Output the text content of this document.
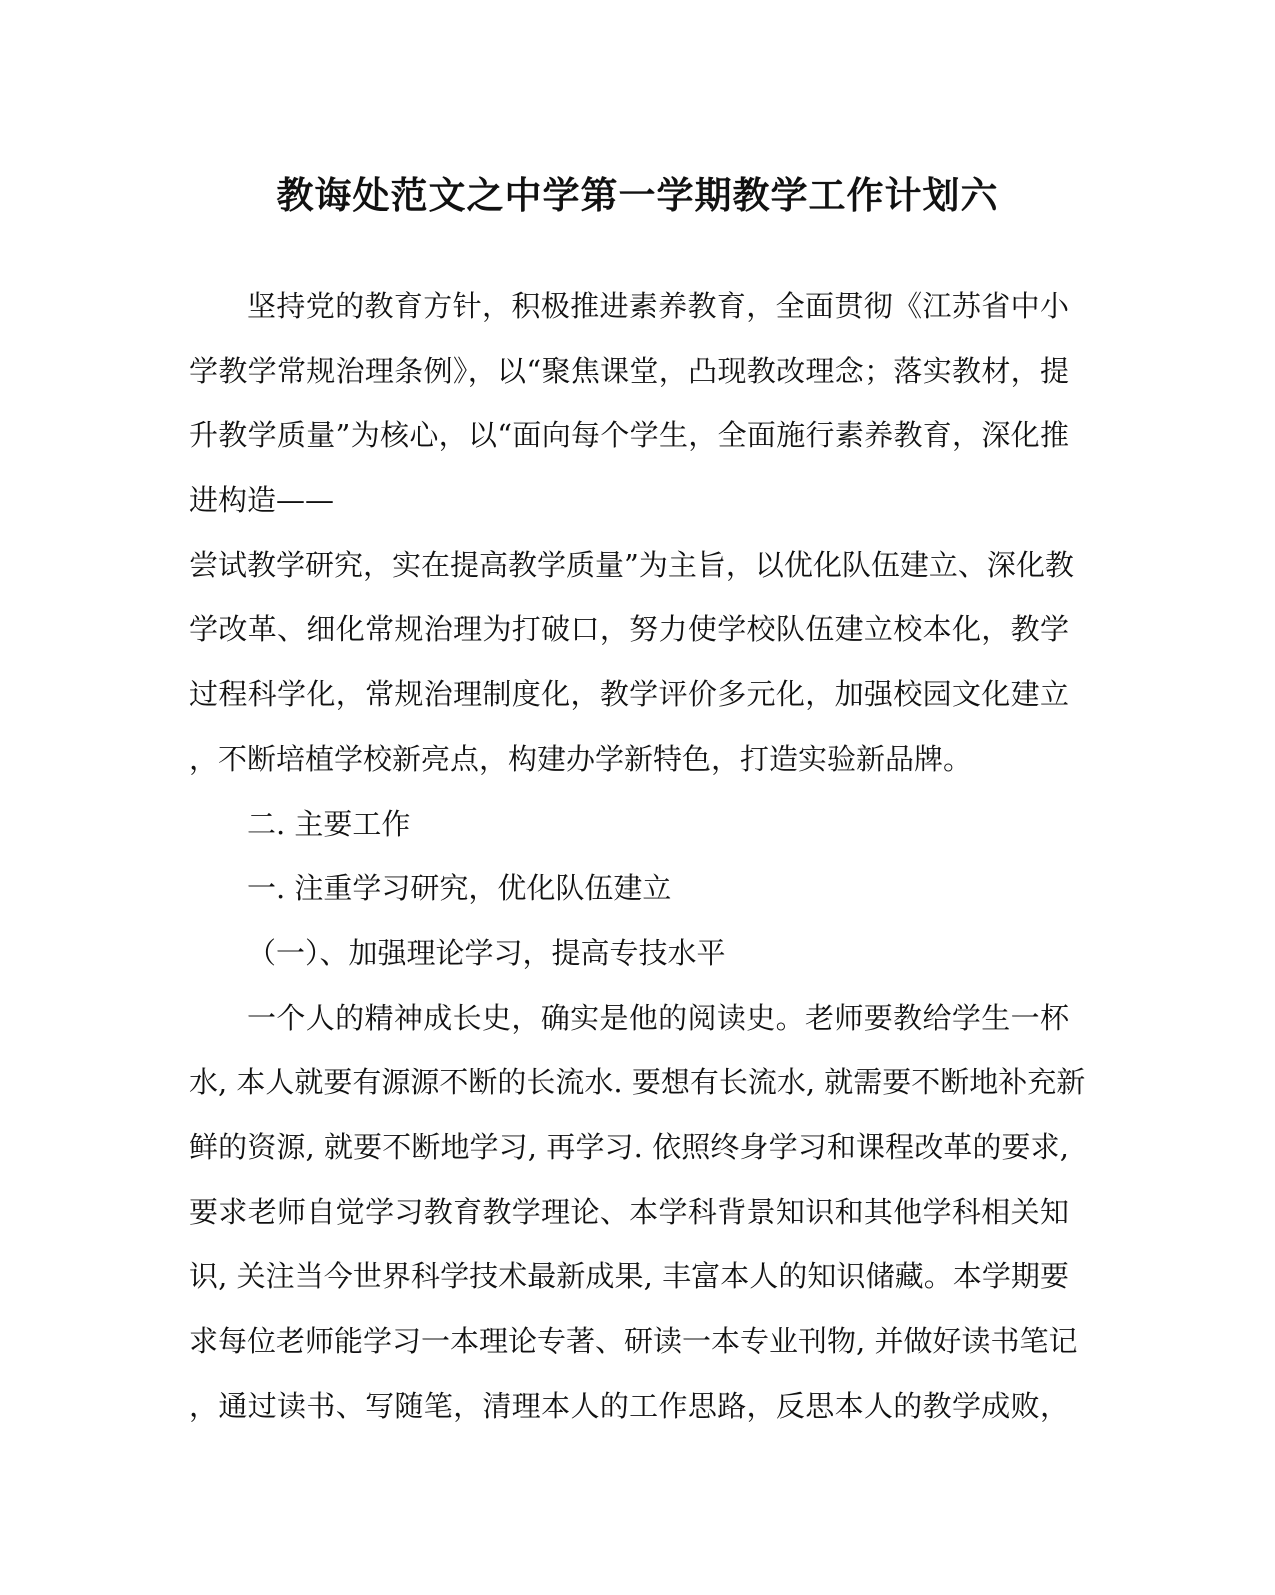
教诲处范文之中学第一学期教学工作计划六
坚持党的教育方针，积极推进素养教育，全面贯彻《江苏省中小
学教学常规治理条例》，以“聚焦课堂，凸现教改理念；落实教材，提
升教学质量”为核心，以“面向每个学生，全面施行素养教育，深化推
进构造——
尝试教学研究，实在提高教学质量”为主旨，以优化队伍建立、深化教
学改革、细化常规治理为打破口，努力使学校队伍建立校本化，教学
过程科学化，常规治理制度化，教学评价多元化，加强校园文化建立
，不断培植学校新亮点，构建办学新特色，打造实验新品牌。
二. 主要工作
一. 注重学习研究，优化队伍建立
（一）、加强理论学习，提高专技水平
一个人的精神成长史，确实是他的阅读史。老师要教给学生一杯
水, 本人就要有源源不断的长流水. 要想有长流水, 就需要不断地补充新
鲜的资源, 就要不断地学习, 再学习. 依照终身学习和课程改革的要求,
要求老师自觉学习教育教学理论、本学科背景知识和其他学科相关知
识, 关注当今世界科学技术最新成果, 丰富本人的知识储藏。本学期要
求每位老师能学习一本理论专著、研读一本专业刊物, 并做好读书笔记
，通过读书、写随笔，清理本人的工作思路，反思本人的教学成败，
